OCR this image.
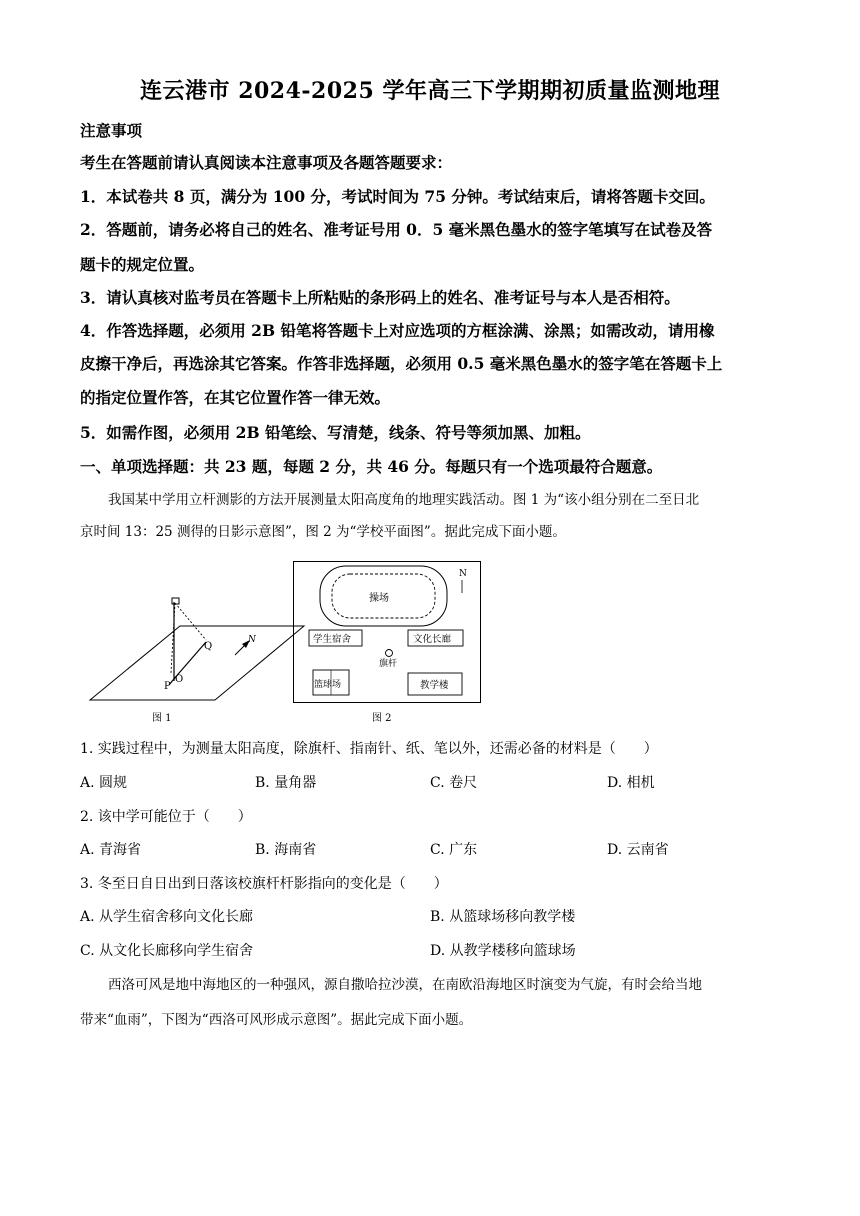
连云港市 2024-2025 学年高三下学期期初质量监测地理
注意事项
考生在答题前请认真阅读本注意事项及各题答题要求：
1．本试卷共 8 页，满分为 100 分，考试时间为 75 分钟。考试结束后，请将答题卡交回。
2．答题前，请务必将自己的姓名、准考证号用 0．5 毫米黑色墨水的签字笔填写在试卷及答
题卡的规定位置。
3．请认真核对监考员在答题卡上所粘贴的条形码上的姓名、准考证号与本人是否相符。
4．作答选择题，必须用 2B 铅笔将答题卡上对应选项的方框涂满、涂黑；如需改动，请用橡
皮擦干净后，再选涂其它答案。作答非选择题，必须用 0.5 毫米黑色墨水的签字笔在答题卡上
的指定位置作答，在其它位置作答一律无效。
5．如需作图，必须用 2B 铅笔绘、写清楚，线条、符号等须加黑、加粗。
一、单项选择题：共 23 题，每题 2 分，共 46 分。每题只有一个选项最符合题意。
我国某中学用立杆测影的方法开展测量太阳高度角的地理实践活动。图 1 为“该小组分别在二至日北
京时间 13：25 测得的日影示意图”，图 2 为“学校平面图”。据此完成下面小题。
Q
O
P
N
图 1
操场
N
学生宿舍	文化长廊
旗杆
篮球场	教学楼
图 2
1. 实践过程中，为测量太阳高度，除旗杆、指南针、纸、笔以外，还需必备的材料是（　　）
A. 圆规	B. 量角器	C. 卷尺	D. 相机
2. 该中学可能位于（　　）
A. 青海省	B. 海南省	C. 广东	D. 云南省
3. 冬至日自日出到日落该校旗杆杆影指向的变化是（　　）
A. 从学生宿舍移向文化长廊	B. 从篮球场移向教学楼
C. 从文化长廊移向学生宿舍	D. 从教学楼移向篮球场
西洛可风是地中海地区的一种强风，源自撒哈拉沙漠，在南欧沿海地区时演变为气旋，有时会给当地
带来“血雨”，下图为“西洛可风形成示意图”。据此完成下面小题。
